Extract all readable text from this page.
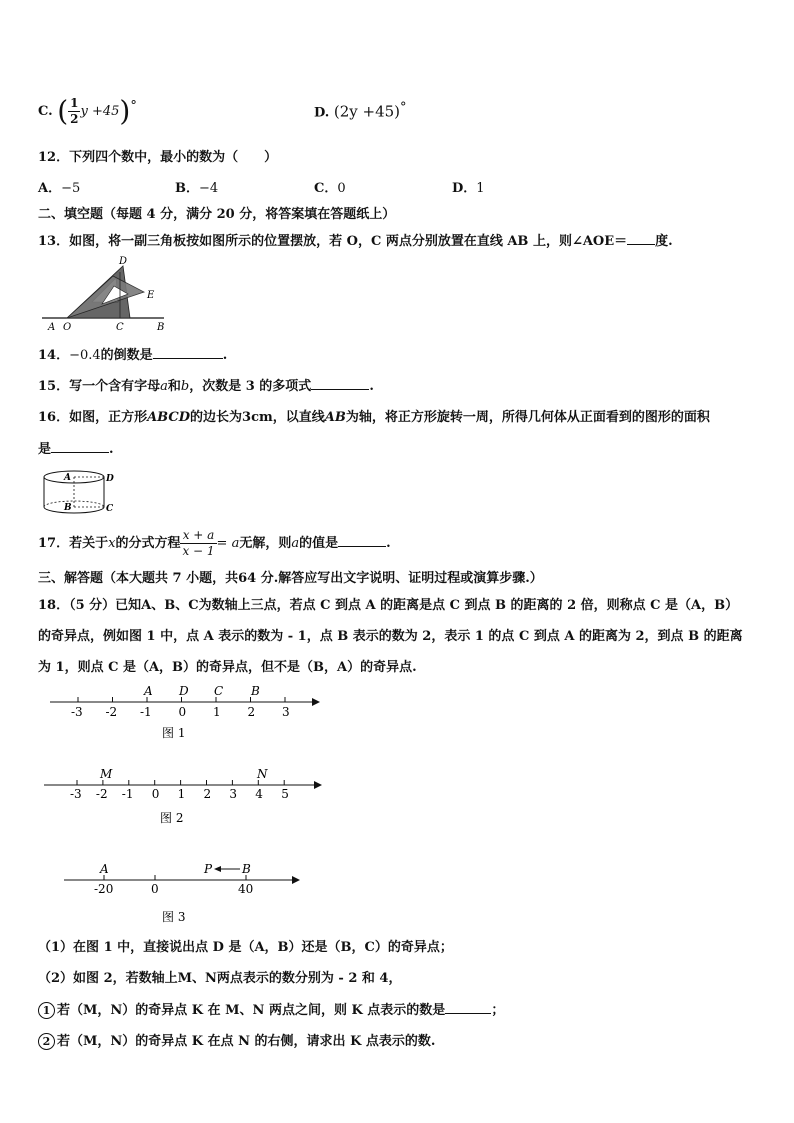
C. ( $\frac{1}{2}$ y +45)°	D. (2y +45)°
12．下列四个数中，最小的数为（　　）
A．−5	B．−4	C．0	D．1
二、填空题（每题 4 分，满分 20 分，将答案填在答题纸上）
13．如图，将一副三角板按如图所示的位置摆放，若 O，C 两点分别放置在直线 AB 上，则∠AOE＝ 度.
D
E
A O	C	B
14．−0.4的倒数是	.
15．写一个含有字母a和b，次数是 3 的多项式	.
16．如图，正方形ABCD的边长为3cm，以直线AB为轴，将正方形旋转一周，所得几何体从正面看到的图形的面积
是	.
A	D
B	C
17．若关于x的分式方程 $\frac{x + a}{x - 1} = a$无解，则a的值是	.
三、解答题（本大题共 7 小题，共64 分.解答应写出文字说明、证明过程或演算步骤.）
18．（5 分）已知A、B、C为数轴上三点，若点 C 到点 A 的距离是点 C 到点 B 的距离的 2 倍，则称点 C 是（A，B）
的奇异点，例如图 1 中，点 A 表示的数为 - 1，点 B 表示的数为 2，表示 1 的点 C 到点 A 的距离为 2，到点 B 的距离
为 1，则点 C 是（A，B）的奇异点，但不是（B，A）的奇异点.
-3 -2 -1 0 1 2 3
A D C B
图 1
-3 -2 -1 0 1 2 3 4 5
M	N
图 2
-20	0	40
A	P B
图 3
（1）在图 1 中，直接说出点 D 是（A，B）还是（B，C）的奇异点；
（2）如图 2，若数轴上M、N两点表示的数分别为 - 2 和 4，
1 若（M，N）的奇异点 K 在 M、N 两点之间，则 K 点表示的数是	；
2 若（M，N）的奇异点 K 在点 N 的右侧，请求出 K 点表示的数.
